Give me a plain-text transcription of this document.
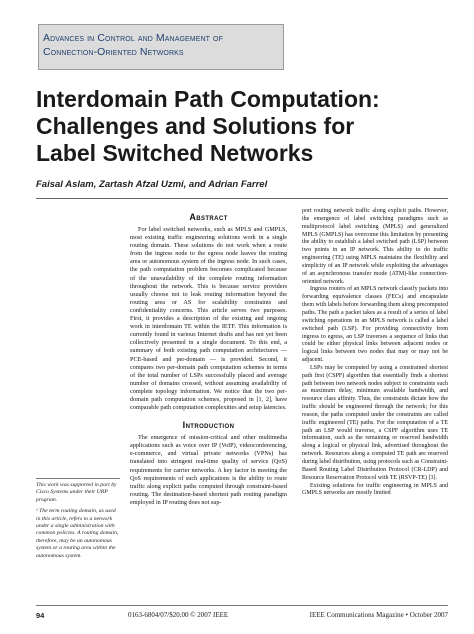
Advances in Control and Management of
Connection-Oriented Networks
Interdomain Path Computation:
Challenges and Solutions for
Label Switched Networks
Faisal Aslam, Zartash Afzal Uzmi, and Adrian Farrel
Abstract

For label switched networks, such as MPLS and GMPLS, most existing traffic engineering solutions work in a single routing domain. These solutions do not work when a route from the ingress node to the egress node leaves the routing area or autonomous system of the ingress node. In such cases, the path computation problem becomes complicated because of the unavailability of the complete routing information throughout the network. This is because service providers usually choose not to leak routing information beyond the routing area or AS for scalability constraints and confidentiality concerns. This article serves two purposes. First, it provides a description of the existing and ongoing work in interdomain TE within the IETF. This information is currently found in various Internet drafts and has not yet been collectively presented in a single document. To this end, a summary of both existing path computation architectures — PCE-based and per-domain — is provided. Second, it compares two per-domain path computation schemes in terms of the total number of LSPs successfully placed and average number of domains crossed, without assuming availability of complete topology information. We notice that the two per-domain path computation schemes, proposed in [1, 2], have comparable path computation complexities and setup latencies.

Introduction

The emergence of mission-critical and other multimedia applications such as voice over IP (VoIP), videoconferencing, e-commerce, and virtual private networks (VPNs) has translated into stringent real-time quality of service (QoS) requirements for carrier networks. A key factor in meeting the QoS requirements of such applications is the ability to route traffic along explicit paths computed through constraint-based routing. The destination-based shortest path routing paradigm employed in IP routing does not sup-

port routing network traffic along explicit paths. However, the emergence of label switching paradigms such as multiprotocol label switching (MPLS) and generalized MPLS (GMPLS) has overcome this limitation by presenting the ability to establish a label switched path (LSP) between two points in an IP network. This ability to do traffic engineering (TE) using MPLS maintains the flexibility and simplicity of an IP network while exploiting the advantages of an asynchronous transfer mode (ATM)-like connection-oriented network.

Ingress routers of an MPLS network classify packets into forwarding equivalence classes (FECs) and encapsulate them with labels before forwarding them along precomputed paths. The path a packet takes as a result of a series of label switching operations in an MPLS network is called a label switched path (LSP). For providing connectivity from ingress to egress, an LSP traverses a sequence of links that could be either physical links between adjacent nodes or logical links between two nodes that may or may not be adjacent.

LSPs may be computed by using a constrained shortest path first (CSPF) algorithm that essentially finds a shortest path between two network nodes subject to constraints such as maximum delay, minimum available bandwidth, and resource class affinity. Thus, the constraints dictate how the traffic should be engineered through the network; for this reason, the paths computed under the constraints are called traffic engineered (TE) paths. For the computation of a TE path an LSP would traverse, a CSPF algorithm uses TE information, such as the remaining or reserved bandwidth along a logical or physical link, advertised throughout the network. Resources along a computed TE path are reserved during label distribution, using protocols such as Constraint-Based Routing Label Distribution Protocol (CR-LDP) and Resource Reservation Protocol with TE (RSVP-TE) [3].

Existing solutions for traffic engineering in MPLS and GMPLS networks are mostly limited

This work was supported in part by Cisco Systems under their URP program.

¹ The term routing domain, as used in this article, refers to a network under a single administration with common policies. A routing domain, therefore, may be an autonomous system or a routing area within the autonomous system.

94	0163-6804/07/$20.00 © 2007 IEEE	IEEE Communications Magazine • October 2007
